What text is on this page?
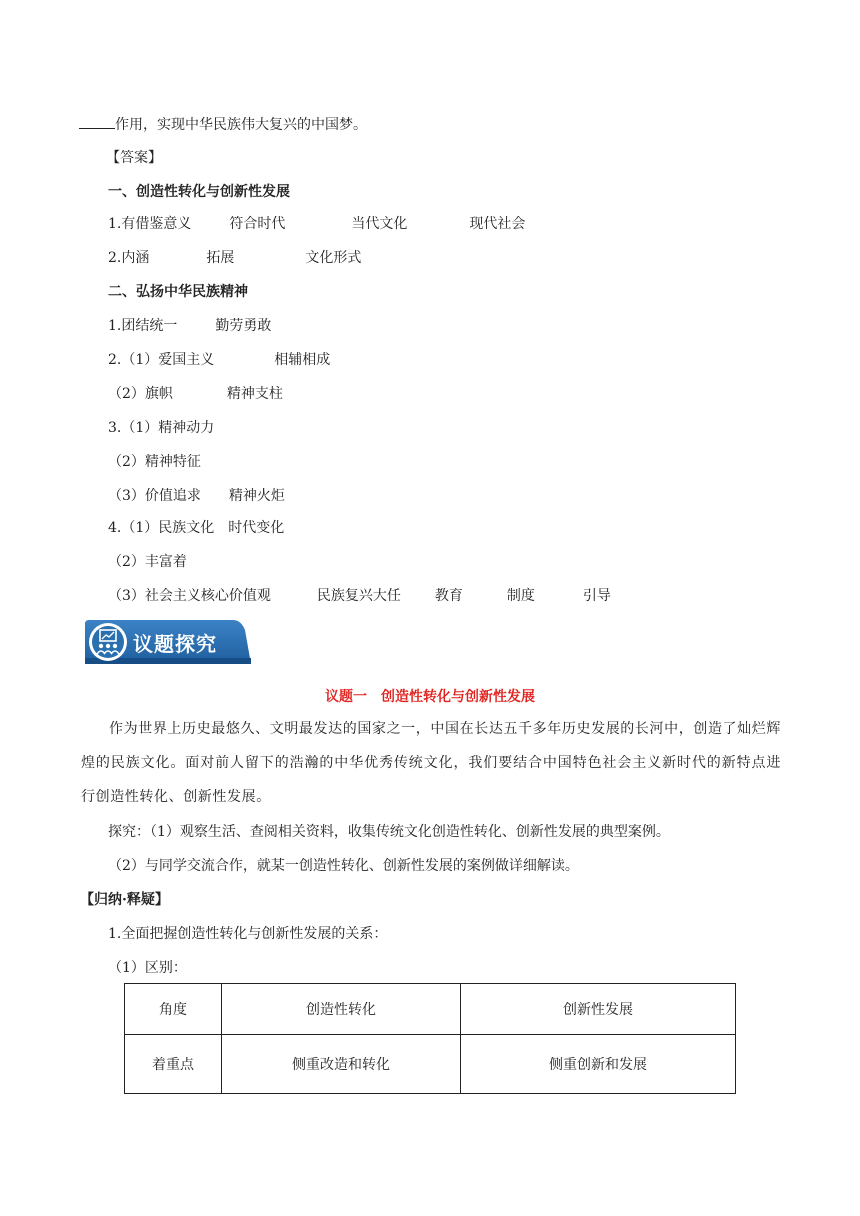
作用，实现中华民族伟大复兴的中国梦。
【答案】
一、创造性转化与创新性发展
1.有借鉴意义	符合时代	当代文化	现代社会
2.内涵	拓展	文化形式
二、弘扬中华民族精神
1.团结统一	勤劳勇敢
2.（1）爱国主义	相辅相成
（2）旗帜	精神支柱
3.（1）精神动力
（2）精神特征
（3）价值追求 精神火炬
4.（1）民族文化 时代变化
（2）丰富着
（3）社会主义核心价值观	民族复兴大任 教育	制度	引导
议题探究
议题一　创造性转化与创新性发展
作为世界上历史最悠久、文明最发达的国家之一，中国在长达五千多年历史发展的长河中，创造了灿烂辉煌的民族文化。面对前人留下的浩瀚的中华优秀传统文化，我们要结合中国特色社会主义新时代的新特点进行创造性转化、创新性发展。
探究：（1）观察生活、查阅相关资料，收集传统文化创造性转化、创新性发展的典型案例。
（2）与同学交流合作，就某一创造性转化、创新性发展的案例做详细解读。
【归纳·释疑】
1.全面把握创造性转化与创新性发展的关系：
（1）区别：
角度	创造性转化	创新性发展
着重点	侧重改造和转化	侧重创新和发展
